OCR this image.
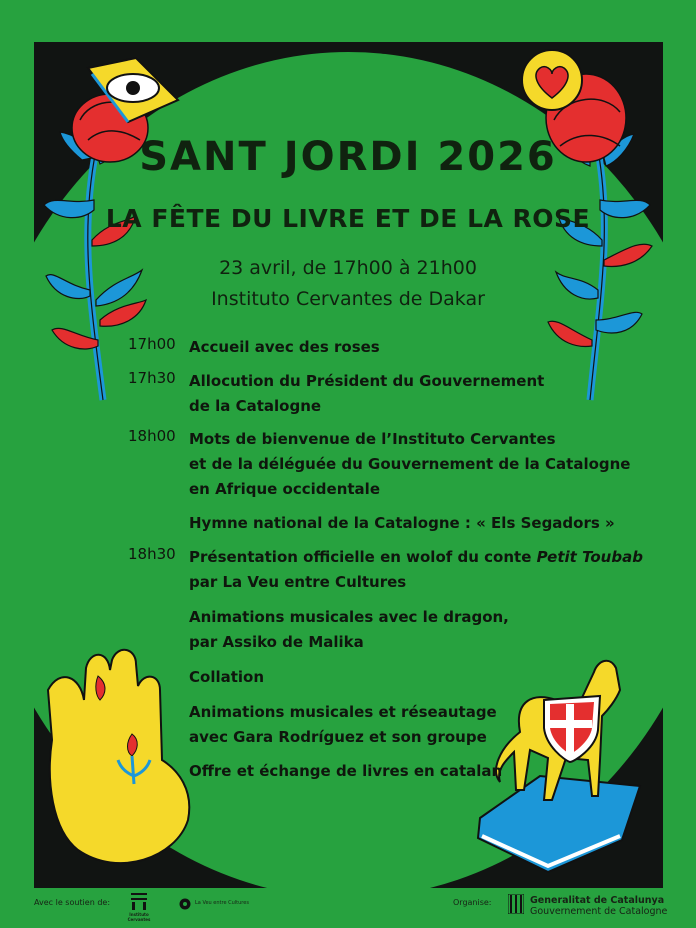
SANT JORDI 2026
LA FÊTE DU LIVRE ET DE LA ROSE
23 avril, de 17h00 à 21h00
Instituto Cervantes de Dakar
17h00 Accueil avec des roses
17h30 Allocution du Président du Gouvernement
de la Catalogne
18h00 Mots de bienvenue de l’Instituto Cervantes
et de la déléguée du Gouvernement de la Catalogne
en Afrique occidentale
Hymne national de la Catalogne : « Els Segadors »
18h30 Présentation officielle en wolof du conte Petit Toubab
par La Veu entre Cultures
Animations musicales avec le dragon,
par Assiko de Malika
Collation
Animations musicales et réseautage
avec Gara Rodríguez et son groupe
Offre et échange de livres en catalan
Avec le soutien de:
Instituto
Cervantes
La Veu entre Cultures	Organise:	Generalitat de Catalunya
Gouvernement de Catalogne
